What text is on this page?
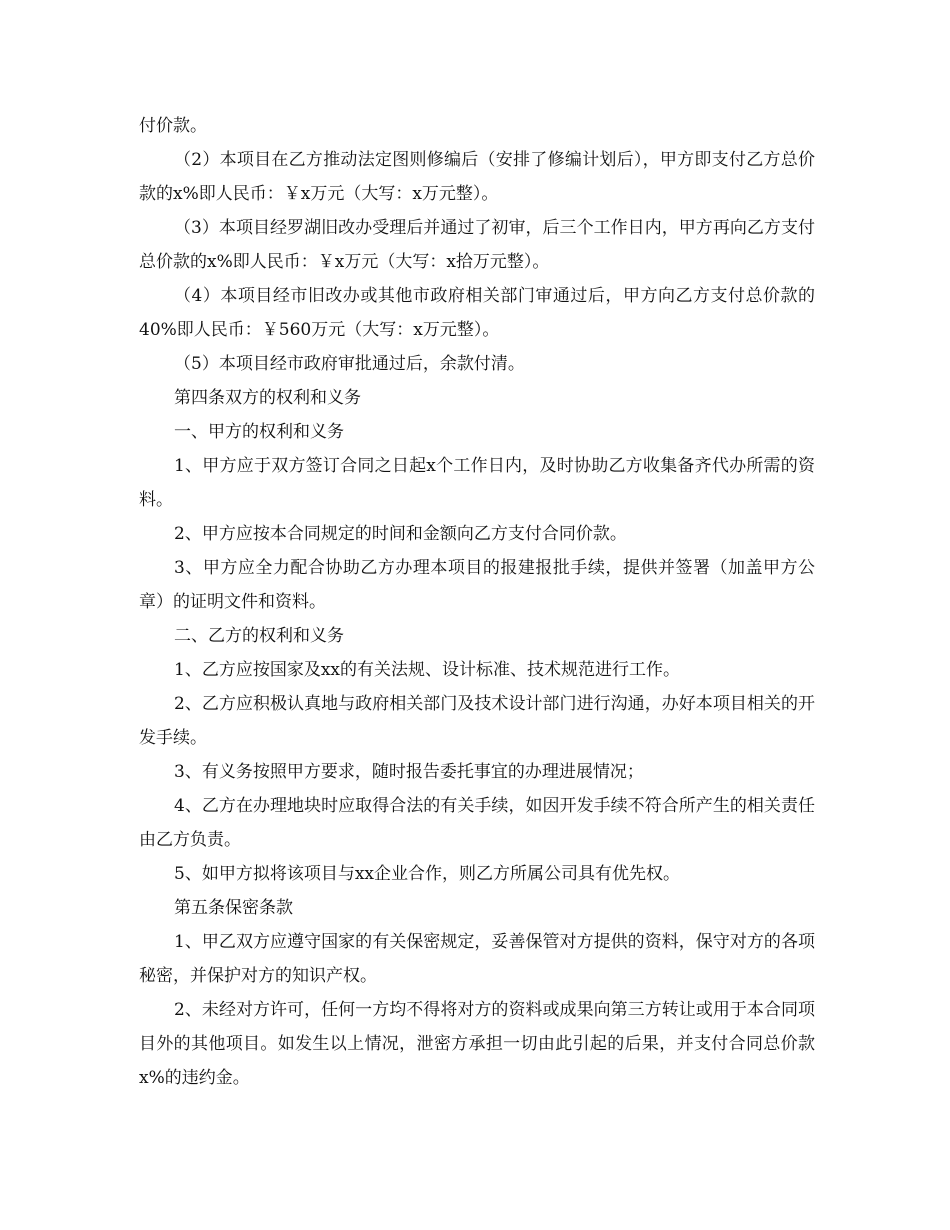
付价款。

（2）本项目在乙方推动法定图则修编后（安排了修编计划后），甲方即支付乙方总价款的x%即人民币：￥x万元（大写：x万元整）。

（3）本项目经罗湖旧改办受理后并通过了初审，后三个工作日内，甲方再向乙方支付总价款的x%即人民币：￥x万元（大写：x拾万元整）。

（4）本项目经市旧改办或其他市政府相关部门审通过后，甲方向乙方支付总价款的40%即人民币：￥560万元（大写：x万元整）。

（5）本项目经市政府审批通过后，余款付清。

第四条双方的权利和义务

一、甲方的权利和义务

1、甲方应于双方签订合同之日起x个工作日内，及时协助乙方收集备齐代办所需的资料。

2、甲方应按本合同规定的时间和金额向乙方支付合同价款。

3、甲方应全力配合协助乙方办理本项目的报建报批手续，提供并签署（加盖甲方公章）的证明文件和资料。

二、乙方的权利和义务

1、乙方应按国家及xx的有关法规、设计标准、技术规范进行工作。

2、乙方应积极认真地与政府相关部门及技术设计部门进行沟通，办好本项目相关的开发手续。

3、有义务按照甲方要求，随时报告委托事宜的办理进展情况；

4、乙方在办理地块时应取得合法的有关手续，如因开发手续不符合所产生的相关责任由乙方负责。

5、如甲方拟将该项目与xx企业合作，则乙方所属公司具有优先权。

第五条保密条款

1、甲乙双方应遵守国家的有关保密规定，妥善保管对方提供的资料，保守对方的各项秘密，并保护对方的知识产权。

2、未经对方许可，任何一方均不得将对方的资料或成果向第三方转让或用于本合同项目外的其他项目。如发生以上情况，泄密方承担一切由此引起的后果，并支付合同总价款x%的违约金。
